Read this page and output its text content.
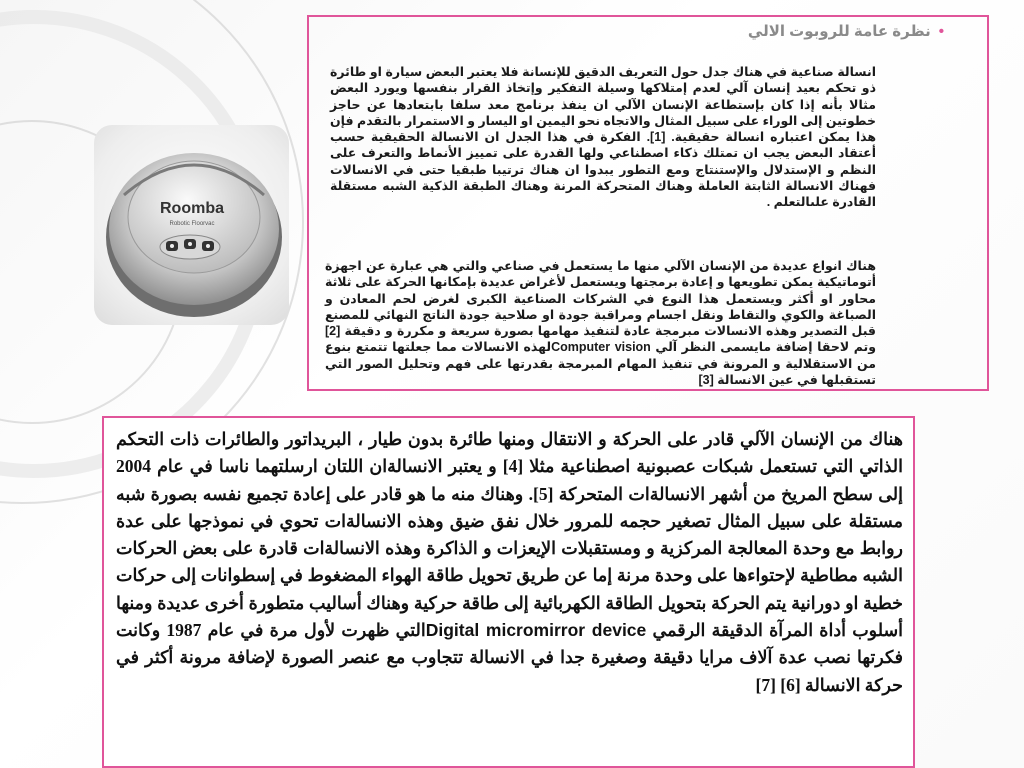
•نظرة عامة للروبوت الالي
انسالة صناعية في هناك جدل حول التعريف الدقيق للإنسانة فلا يعتبر البعض سيارة او طائرة ذو تحكم بعيد إنسان آلي لعدم إمتلاكها وسيلة التفكير وإتخاذ القرار بنفسها ويورد البعض مثالا بأنه إذا كان بإستطاعة الإنسان الآلي ان ينفذ برنامج معد سلفا بابتعادها عن حاجز خطوتين إلى الوراء على سبيل المثال والاتجاه نحو اليمين او اليسار و الاستمرار بالتقدم فإن هذا يمكن اعتباره انسالة حقيقية. [1]. الفكرة في هذا الجدل ان الانسالة الحقيقية حسب أعتقاد البعض يجب ان تمتلك ذكاء اصطناعي ولها القدرة على تمييز الأنماط والتعرف على النظم و الإستدلال والإستنتاج ومع التطور يبدوا ان هناك ترتيبا طبقيا حتى في الانسالات فهناك الانسالة الثابتة العاملة وهناك المتحركة المرنة وهناك الطبقة الذكية الشبه مستقلة القادرة علىالتعلم .
هناك انواع عديدة من الإنسان الآلي منها ما يستعمل في صناعي والتي هي عبارة عن اجهزة أتوماتيكية يمكن تطويعها و إعادة برمجتها ويستعمل لأغراض عديدة بإمكانها الحركة على ثلاثة محاور او أكثر ويستعمل هذا النوع في الشركات الصناعية الكبرى لغرض لحم المعادن و الصباغة والكوي والتقاط ونقل اجسام ومراقبة جودة او صلاحية جودة الناتج النهائي للمصنع قبل التصدير وهذه الانسالات مبرمجة عادة لتنفيذ مهامها بصورة سريعة و مكررة و دقيقة [2] وتم لاحقا إضافة مايسمى النظر آلي Computer visionلهذه الانسالات مما جعلتها تتمتع بنوع من الاستقلالية و المرونة في تنفيذ المهام المبرمجة بقدرتها على فهم وتحليل الصور التي تستقبلها في عين الانسالة [3]
Roomba
Robotic Floorvac
هناك من الإنسان الآلي قادر على الحركة و الانتقال ومنها طائرة بدون طيار ، البريداتور والطائرات ذات التحكم الذاتي التي تستعمل شبكات عصبونية اصطناعية مثلا [4] و يعتبر الانسالةان اللتان ارسلتهما ناسا في عام 2004 إلى سطح المريخ من أشهر الانسالةات المتحركة [5]. وهناك منه ما هو قادر على إعادة تجميع نفسه بصورة شبه مستقلة على سبيل المثال تصغير حجمه للمرور خلال نفق ضيق وهذه الانسالةات تحوي في نموذجها على عدة روابط مع وحدة المعالجة المركزية و ومستقبلات الإيعزات و الذاكرة وهذه الانسالةات قادرة على بعض الحركات الشبه مطاطية لإحتواءها على وحدة مرنة إما عن طريق تحويل طاقة الهواء المضغوط في إسطوانات إلى حركات خطية او دورانية يتم الحركة بتحويل الطاقة الكهربائية إلى طاقة حركية وهناك أساليب متطورة أخرى عديدة ومنها أسلوب أداة المرآة الدقيقة الرقمي Digital micromirror deviceالتي ظهرت لأول مرة في عام 1987 وكانت فكرتها نصب عدة آلاف مرايا دقيقة وصغيرة جدا في الانسالة تتجاوب مع عنصر الصورة لإضافة مرونة أكثر في حركة الانسالة [6] [7]
